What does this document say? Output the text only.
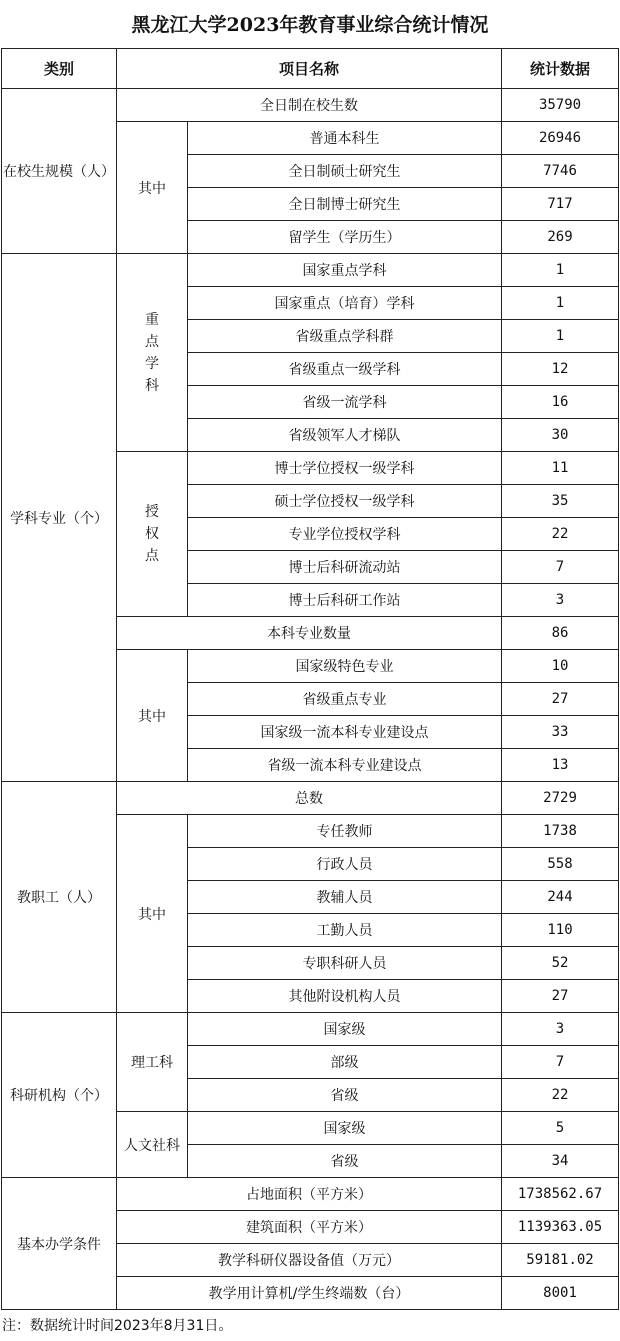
黑龙江大学2023年教育事业综合统计情况
类别	项目名称		统计数据
在校生规模（人）	全日制在校生数		35790
	其中	普通本科生	26946
		全日制硕士研究生	7746
		全日制博士研究生	717
		留学生（学历生）	269
学科专业（个）	重点学科	国家重点学科	1
		国家重点（培育）学科	1
		省级重点学科群	1
		省级重点一级学科	12
		省级一流学科	16
		省级领军人才梯队	30
	授权点	博士学位授权一级学科	11
		硕士学位授权一级学科	35
		专业学位授权学科	22
		博士后科研流动站	7
		博士后科研工作站	3
	本科专业数量		86
	其中	国家级特色专业	10
		省级重点专业	27
		国家级一流本科专业建设点	33
		省级一流本科专业建设点	13
教职工（人）	总数		2729
	其中	专任教师	1738
		行政人员	558
		教辅人员	244
		工勤人员	110
		专职科研人员	52
		其他附设机构人员	27
科研机构（个）	理工科	国家级	3
		部级	7
		省级	22
	人文社科	国家级	5
		省级	34
基本办学条件	占地面积（平方米）		1738562.67
	建筑面积（平方米）		1139363.05
	教学科研仪器设备值（万元）		59181.02
	教学用计算机/学生终端数（台）		8001
注：数据统计时间2023年8月31日。
